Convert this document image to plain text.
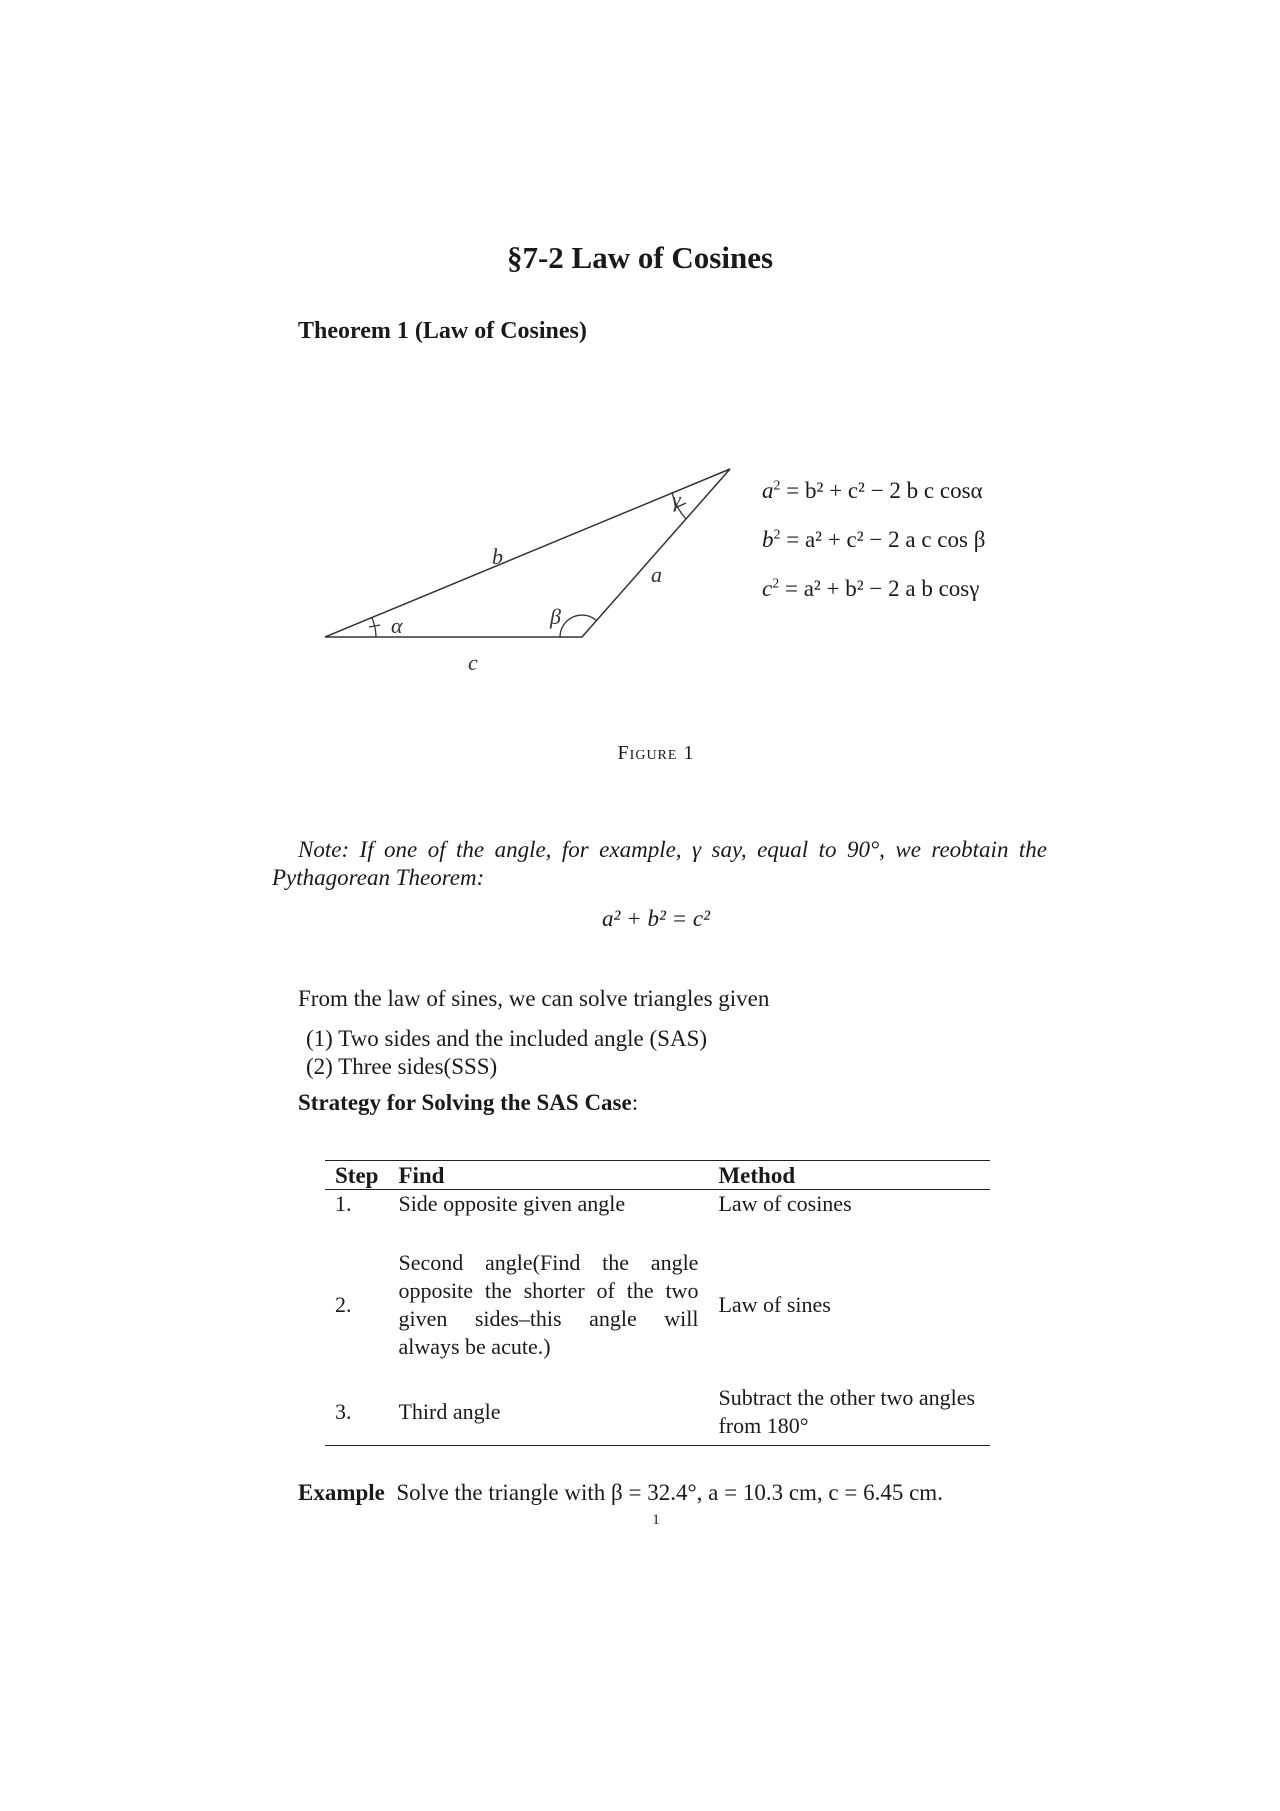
§7-2 Law of Cosines
Theorem 1 (Law of Cosines)
b
a
c
α	β
γ	$a^2 = b^2 + c^2 - 2$ b c cosα
$b^2 = a^2 + c^2 - 2$ a c cos β
$c^2 = a^2 + b^2 - 2$ a b cosγ
Figure 1
Note: If one of the angle, for example, γ say, equal to 90°, we reobtain the Pythagorean Theorem:
a² + b² = c²
From the law of sines, we can solve triangles given
(1) Two sides and the included angle (SAS)
(2) Three sides(SSS)
Strategy for Solving the SAS Case:
Step	Find	Method
1.	Side opposite given angle	Law of cosines
2.	Second angle(Find the angle opposite the shorter of the two given sides–this angle will always be acute.)	Law of sines
3.	Third angle	Subtract the other two angles from 180°
Example Solve the triangle with β = 32.4°, a = 10.3 cm, c = 6.45 cm.
1
